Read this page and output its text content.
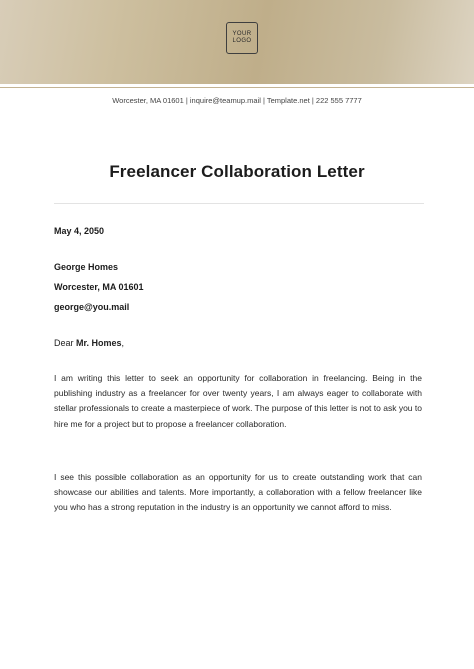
YOUR
LOGO
Worcester, MA 01601 | inquire@teamup.mail | Template.net | 222 555 7777
Freelancer Collaboration Letter
May 4, 2050
George Homes
Worcester, MA 01601
george@you.mail
Dear Mr. Homes,

I am writing this letter to seek an opportunity for collaboration in freelancing. Being in the publishing industry as a freelancer for over twenty years, I am always eager to collaborate with stellar professionals to create a masterpiece of work. The purpose of this letter is not to ask you to hire me for a project but to propose a freelancer collaboration.

I see this possible collaboration as an opportunity for us to create outstanding work that can showcase our abilities and talents. More importantly, a collaboration with a fellow freelancer like you who has a strong reputation in the industry is an opportunity we cannot afford to miss.
